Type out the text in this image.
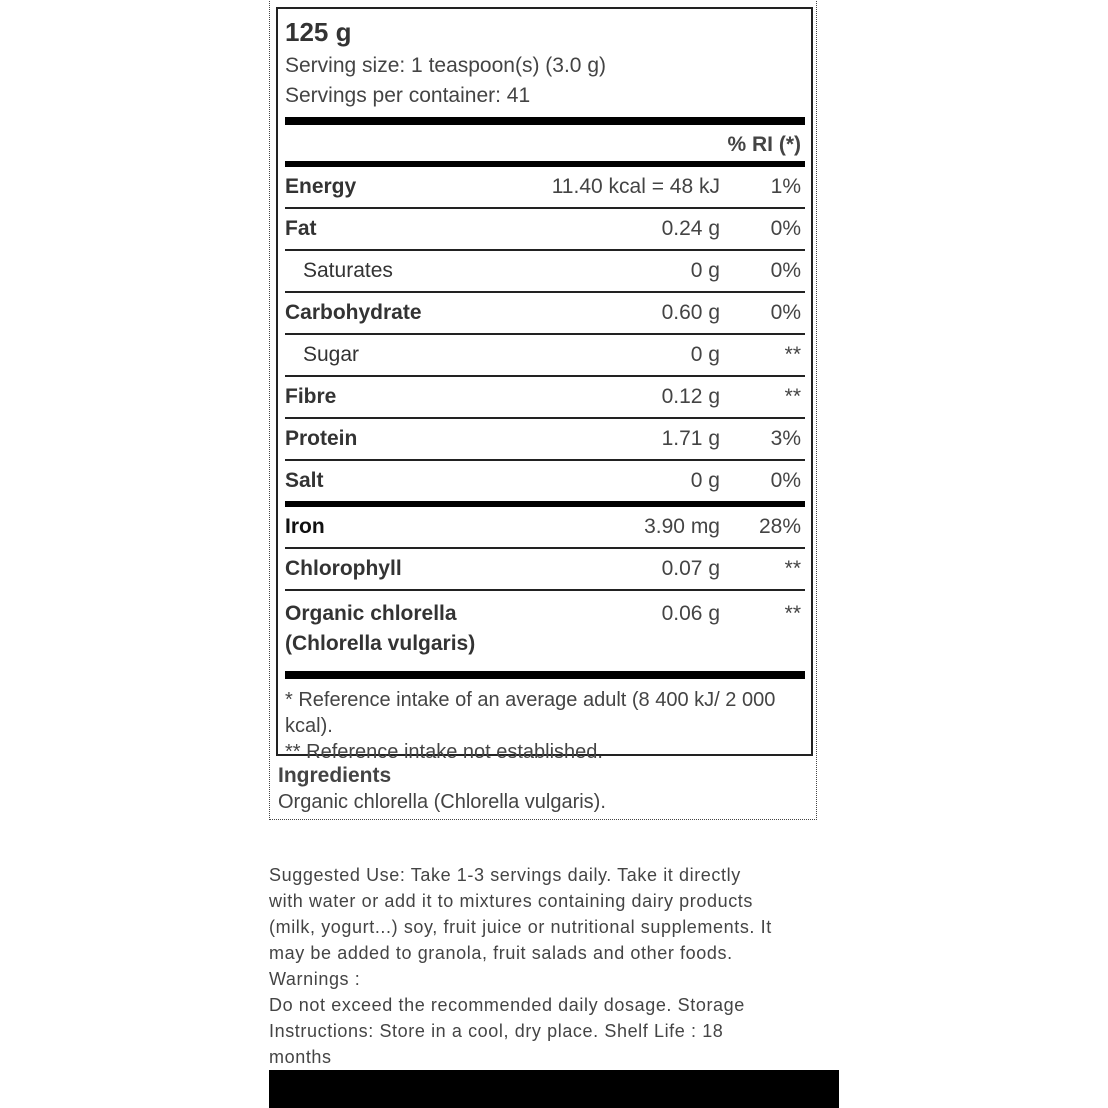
125 g
Serving size: 1 teaspoon(s) (3.0 g)
Servings per container: 41
% RI (*)
Energy	11.40 kcal = 48 kJ	1%
Fat	0.24 g	0%
Saturates	0 g	0%
Carbohydrate	0.60 g	0%
Sugar	0 g	**
Fibre	0.12 g	**
Protein	1.71 g	3%
Salt	0 g	0%
Iron	3.90 mg	28%
Chlorophyll	0.07 g	**

Organic chlorella
(Chlorella vulgaris)	0.06 g	**
* Reference intake of an average adult (8 400 kJ/ 2 000 kcal).
** Reference intake not established.
Ingredients
Organic chlorella (Chlorella vulgaris).
Suggested Use: Take 1-3 servings daily. Take it directly
with water or add it to mixtures containing dairy products
(milk, yogurt...) soy, fruit juice or nutritional supplements. It
may be added to granola, fruit salads and other foods.
Warnings :
Do not exceed the recommended daily dosage. Storage
Instructions: Store in a cool, dry place. Shelf Life : 18
months
